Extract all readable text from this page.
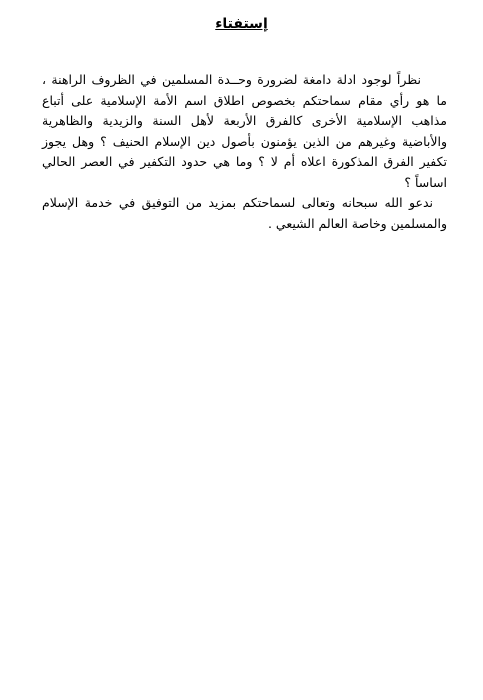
إستفتاء

نظراً لوجود ادلة دامغة لضرورة وحــدة المسلمين في الظروف الراهنة ، ما هو رأي مقام سماحتكم بخصوص اطلاق اسم الأمة الإسلامية على أتباع مذاهب الإسلامية الأخرى كالفرق الأربعة لأهل السنة والزيدية والظاهرية والأباضية وغيرهم من الذين يؤمنون بأصول دين الإسلام الحنيف ؟ وهل يجوز تكفير الفرق المذكورة اعلاه أم لا ؟ وما هي حدود التكفير في العصر الحالي اساساً ؟

ندعو الله سبحانه وتعالى لسماحتكم بمزيد من التوفيق في خدمة الإسلام والمسلمين وخاصة العالم الشيعي .
